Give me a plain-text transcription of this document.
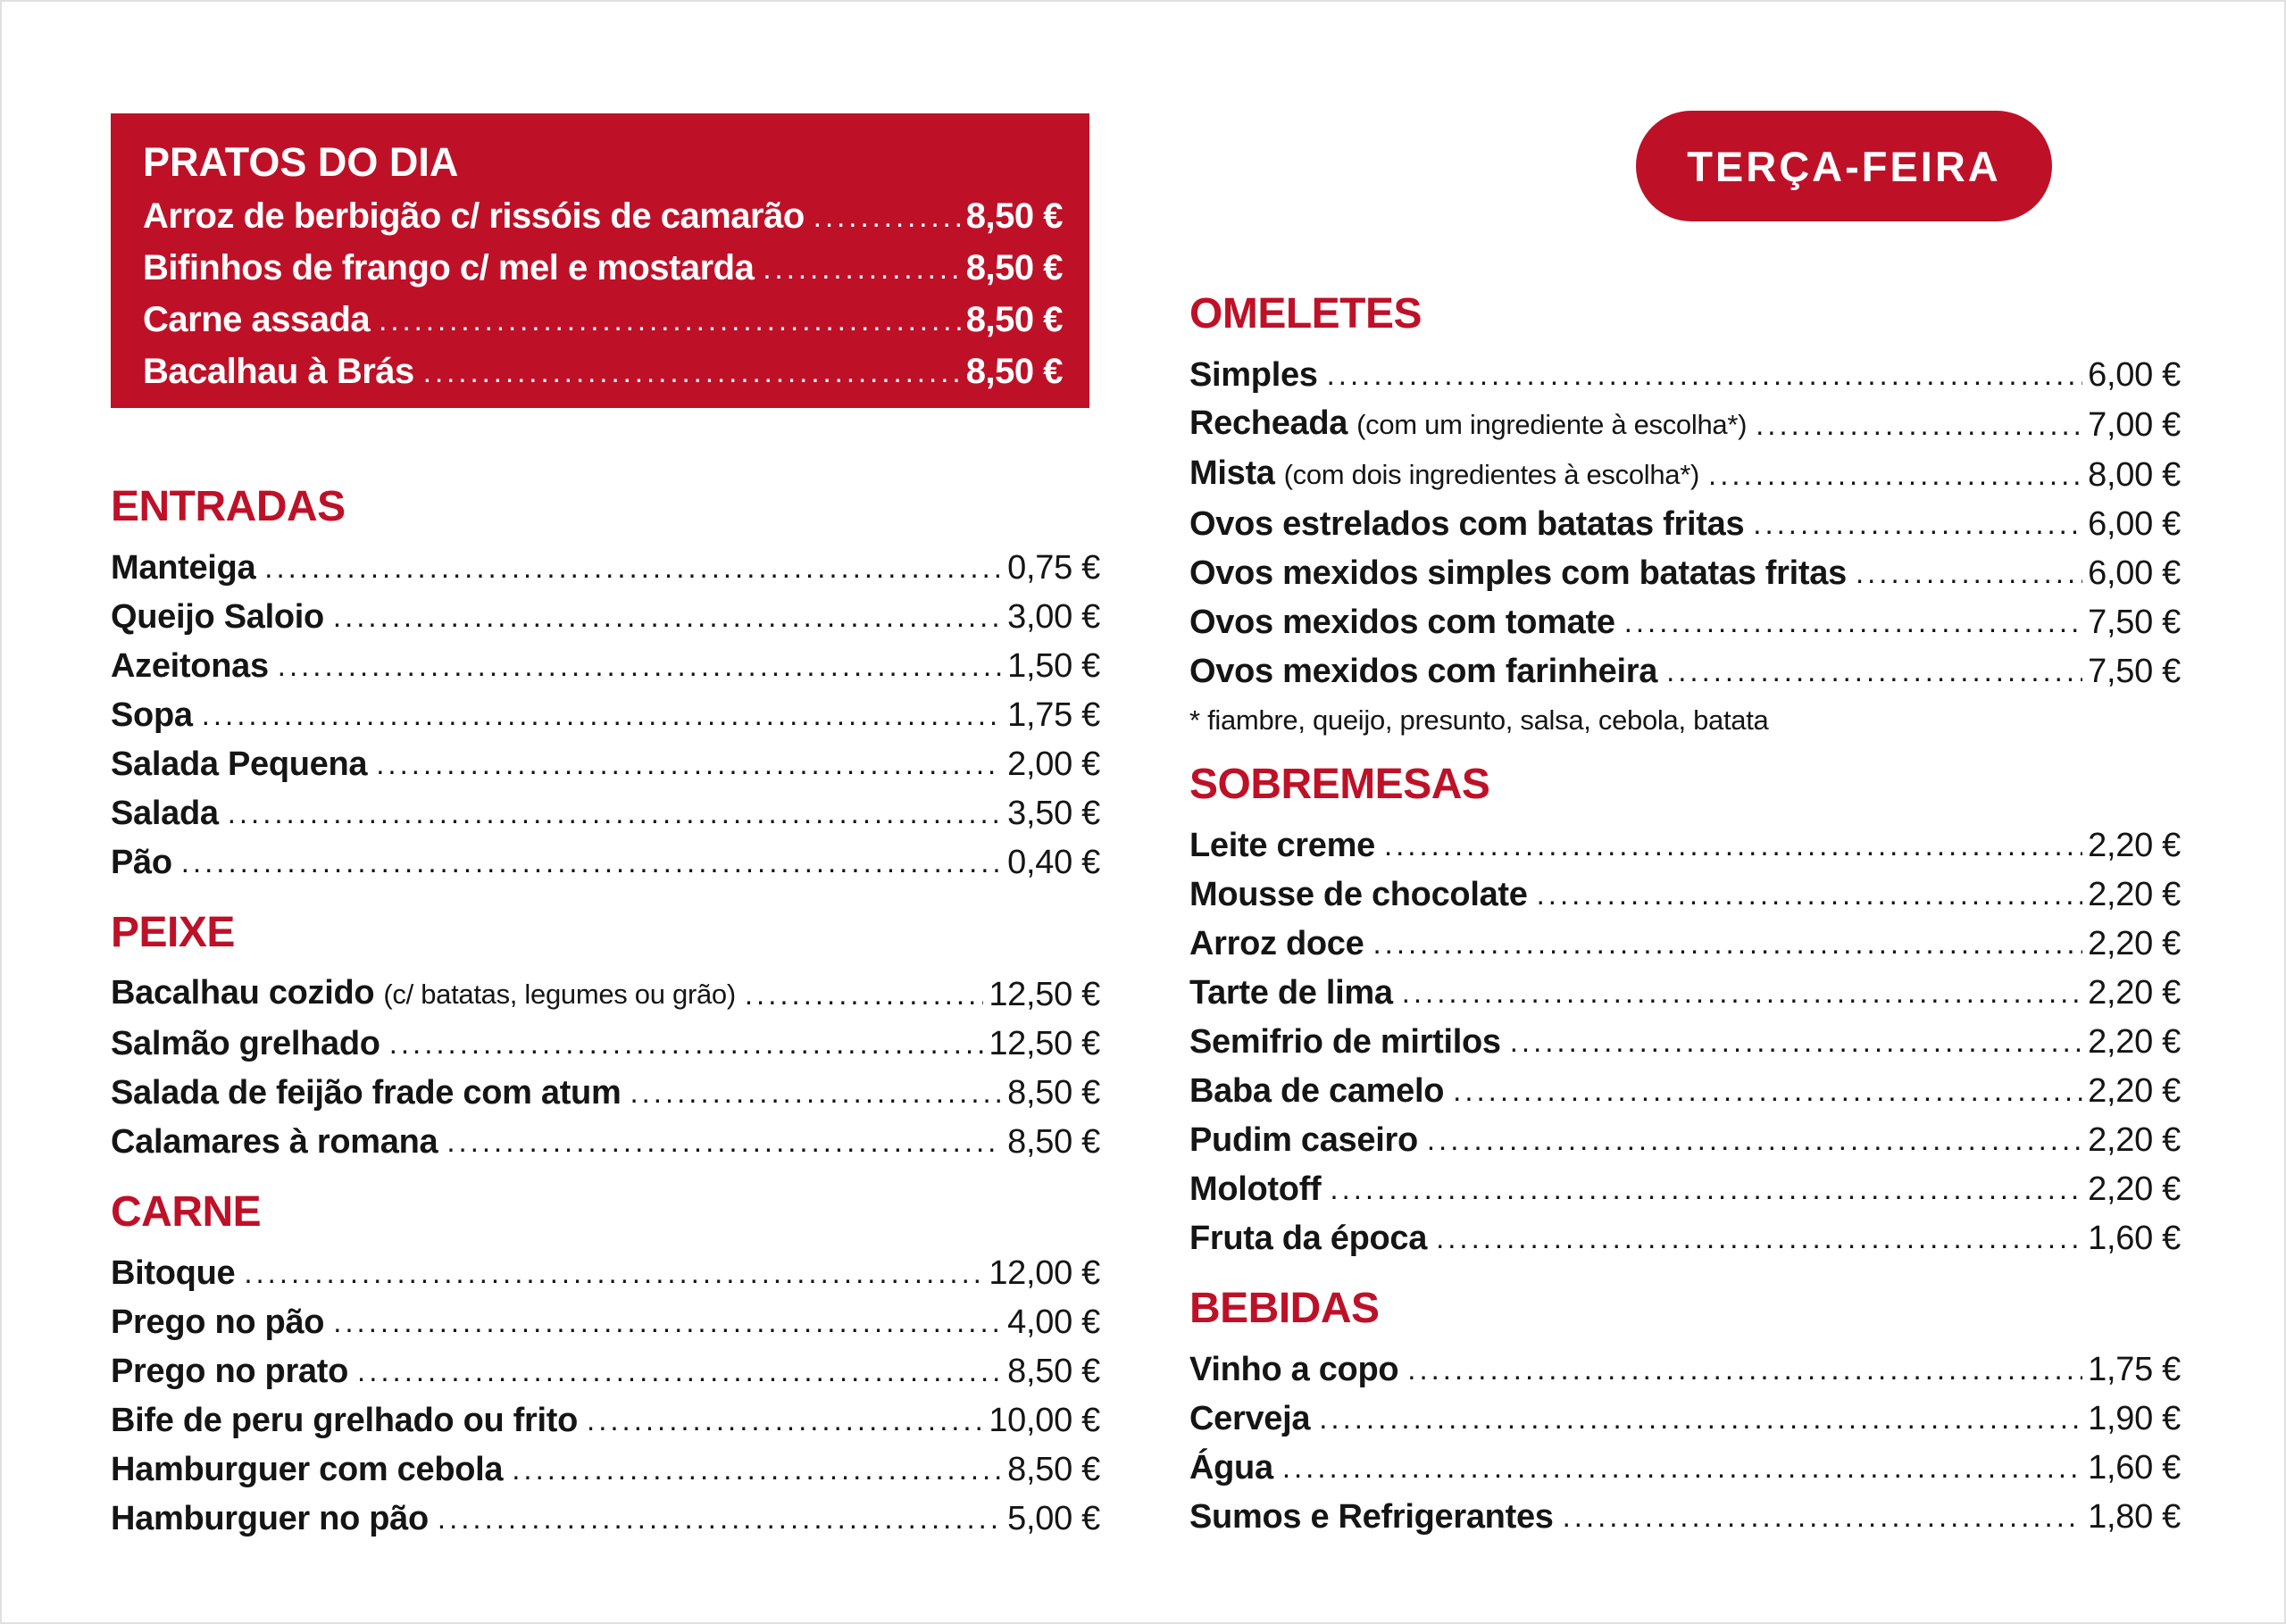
PRATOS DO DIA
Arroz de berbigão c/ rissóis de camarão .....	8,50 €
Bifinhos de frango c/ mel e mostarda .....	8,50 €
Carne assada .....	8,50 €
Bacalhau à Brás .....	8,50 €
TERÇA-FEIRA
ENTRADAS
Manteiga .....	0,75 €
Queijo Saloio .....	3,00 €
Azeitonas .....	1,50 €
Sopa .....	1,75 €
Salada Pequena .....	2,00 €
Salada .....	3,50 €
Pão .....	0,40 €
PEIXE
Bacalhau cozido (c/ batatas, legumes ou grão) .....	12,50 €
Salmão grelhado .....	12,50 €
Salada de feijão frade com atum .....	8,50 €
Calamares à romana .....	8,50 €
CARNE
Bitoque .....	12,00 €
Prego no pão .....	4,00 €
Prego no prato .....	8,50 €
Bife de peru grelhado ou frito .....	10,00 €
Hamburguer com cebola .....	8,50 €
Hamburguer no pão .....	5,00 €
OMELETES
Simples .....	6,00 €
Recheada (com um ingrediente à escolha*) .....	7,00 €
Mista (com dois ingredientes à escolha*) .....	8,00 €
Ovos estrelados com batatas fritas .....	6,00 €
Ovos mexidos simples com batatas fritas .....	6,00 €
Ovos mexidos com tomate .....	7,50 €
Ovos mexidos com farinheira .....	7,50 €

* fiambre, queijo, presunto, salsa, cebola, batata

SOBREMESAS
Leite creme .....	2,20 €
Mousse de chocolate .....	2,20 €
Arroz doce .....	2,20 €
Tarte de lima .....	2,20 €
Semifrio de mirtilos .....	2,20 €
Baba de camelo .....	2,20 €
Pudim caseiro .....	2,20 €
Molotoff .....	2,20 €
Fruta da época .....	1,60 €
BEBIDAS
Vinho a copo .....	1,75 €
Cerveja .....	1,90 €
Água .....	1,60 €
Sumos e Refrigerantes .....	1,80 €
